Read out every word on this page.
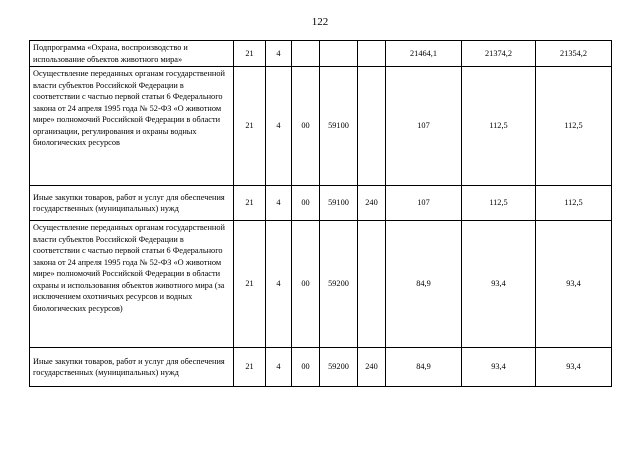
122
Подпрограмма «Охрана, воспроизводство и использование объектов животного мира»	21	4				21464,1	21374,2	21354,2
Осуществление переданных органам государственной власти субъектов Российской Федерации в соответствии с частью первой статьи 6 Федерального закона от 24 апреля 1995 года № 52-ФЗ «О животном мире» полномочий Российской Федерации в области организации, регулирования и охраны водных биологических ресурсов	21	4	00	59100		107	112,5	112,5
Иные закупки товаров, работ и услуг для обеспечения государственных (муниципальных) нужд	21	4	00	59100	240	107	112,5	112,5
Осуществление переданных органам государственной власти субъектов Российской Федерации в соответствии с частью первой статьи 6 Федерального закона от 24 апреля 1995 года № 52-ФЗ «О животном мире» полномочий Российской Федерации в области охраны и использования объектов животного мира (за исключением охотничьих ресурсов и водных биологических ресурсов)	21	4	00	59200		84,9	93,4	93,4
Иные закупки товаров, работ и услуг для обеспечения государственных (муниципальных) нужд	21	4	00	59200	240	84,9	93,4	93,4
